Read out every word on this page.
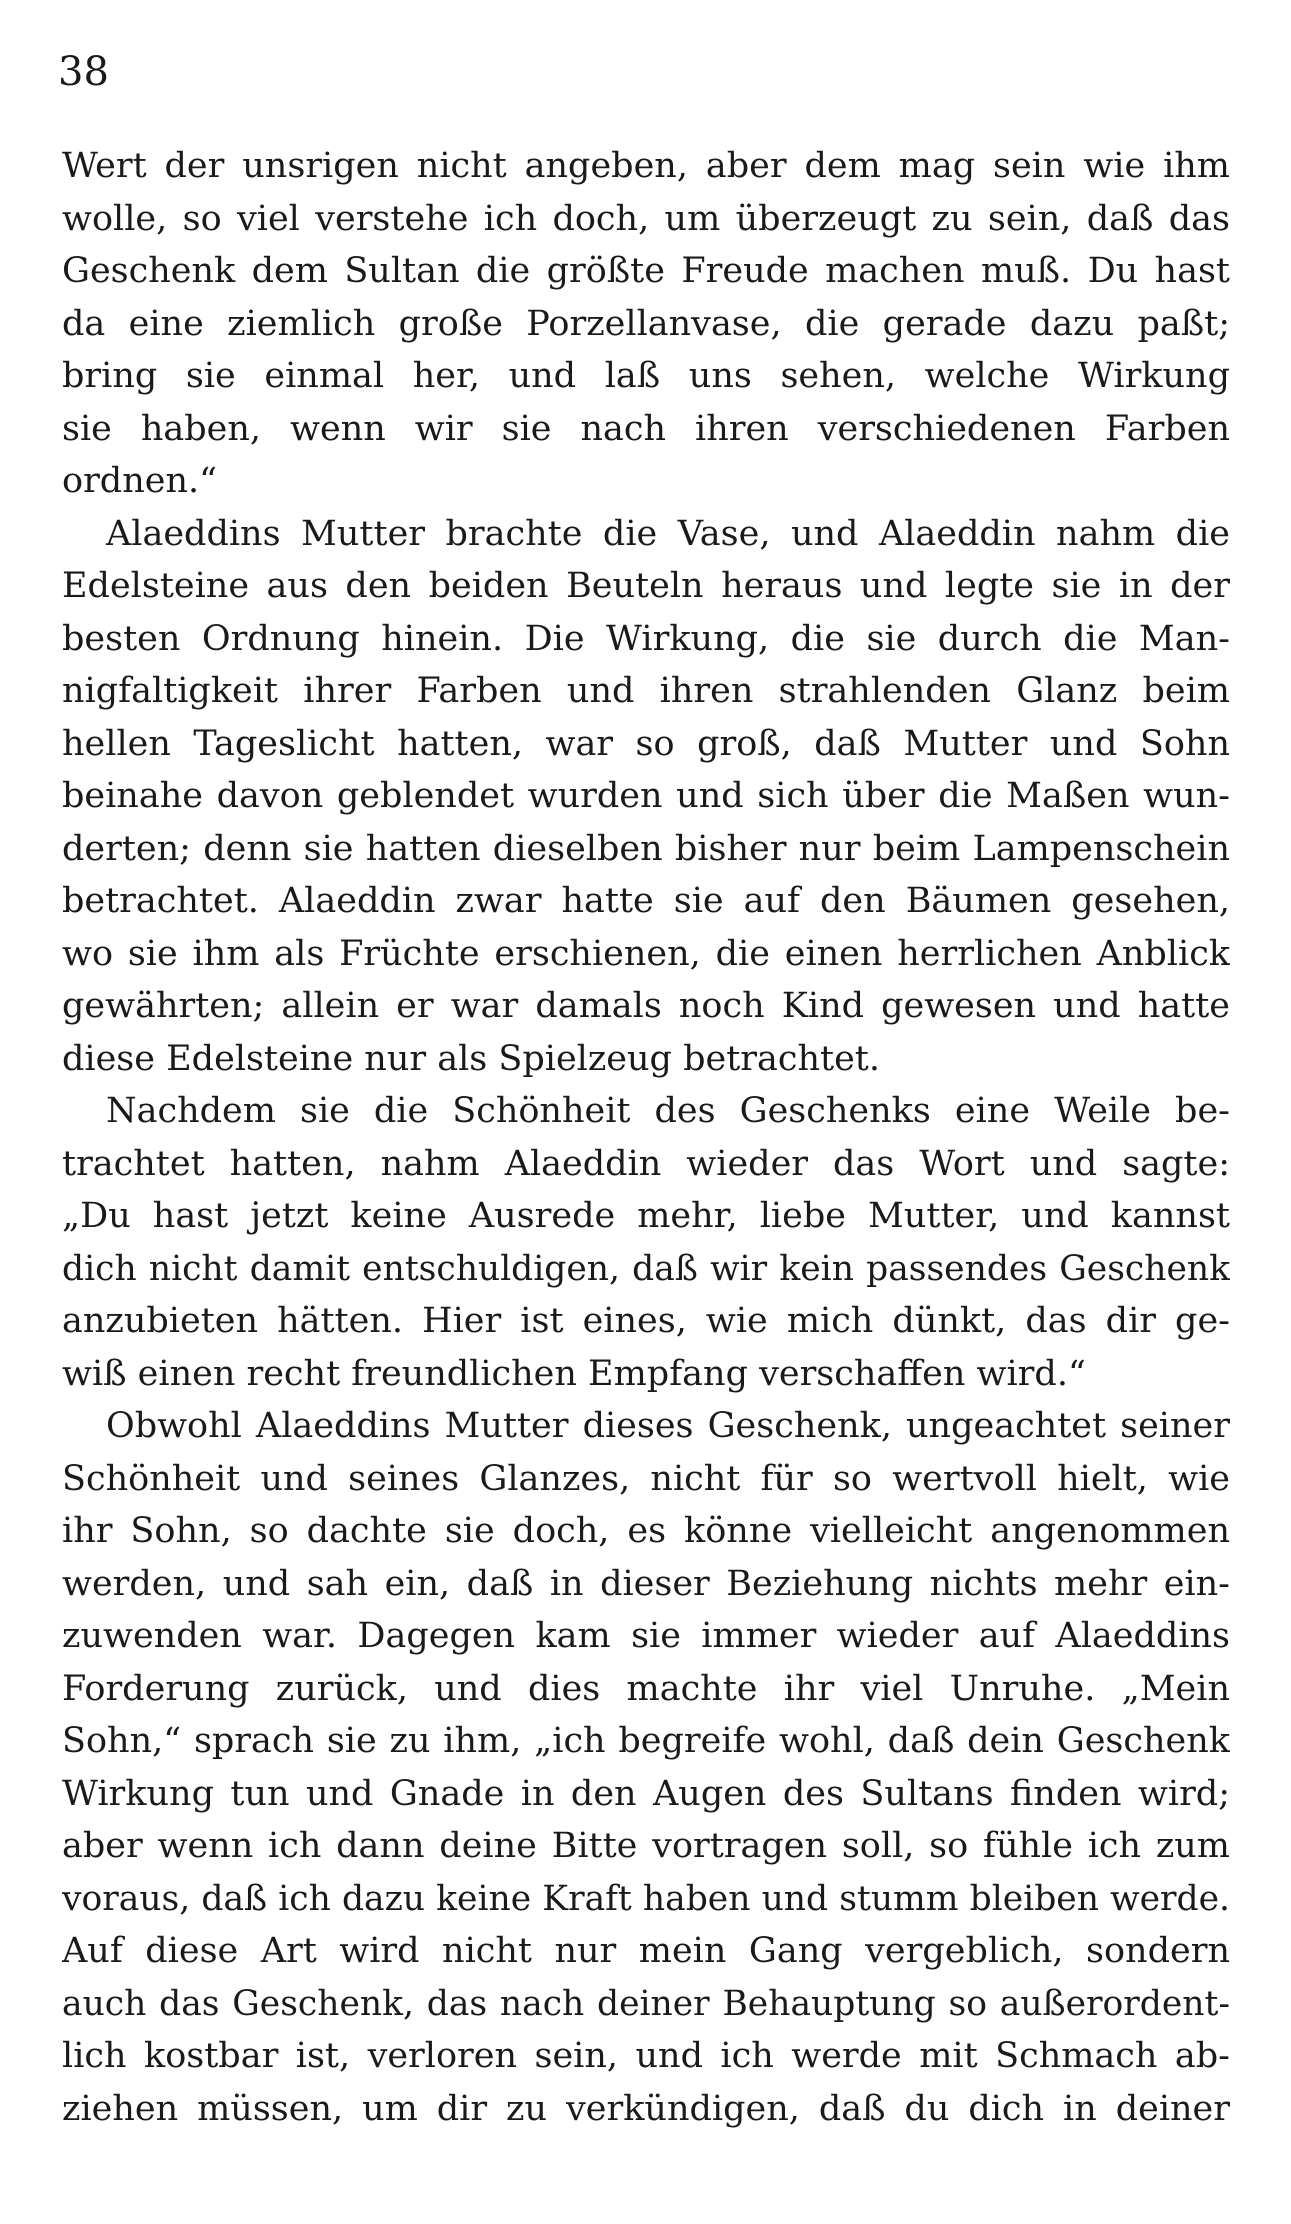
38
Wert der unsrigen nicht angeben, aber dem mag sein wie ihm
wolle, so viel verstehe ich doch, um überzeugt zu sein, daß das
Geschenk dem Sultan die größte Freude machen muß. Du hast
da eine ziemlich große Porzellanvase, die gerade dazu paßt;
bring sie einmal her, und laß uns sehen, welche Wirkung
sie haben, wenn wir sie nach ihren verschiedenen Farben
ordnen.“
Alaeddins Mutter brachte die Vase, und Alaeddin nahm die
Edelsteine aus den beiden Beuteln heraus und legte sie in der
besten Ordnung hinein. Die Wirkung, die sie durch die Man-
nigfaltigkeit ihrer Farben und ihren strahlenden Glanz beim
hellen Tageslicht hatten, war so groß, daß Mutter und Sohn
beinahe davon geblendet wurden und sich über die Maßen wun-
derten; denn sie hatten dieselben bisher nur beim Lampenschein
betrachtet. Alaeddin zwar hatte sie auf den Bäumen gesehen,
wo sie ihm als Früchte erschienen, die einen herrlichen Anblick
gewährten; allein er war damals noch Kind gewesen und hatte
diese Edelsteine nur als Spielzeug betrachtet.
Nachdem sie die Schönheit des Geschenks eine Weile be-
trachtet hatten, nahm Alaeddin wieder das Wort und sagte:
„Du hast jetzt keine Ausrede mehr, liebe Mutter, und kannst
dich nicht damit entschuldigen, daß wir kein passendes Geschenk
anzubieten hätten. Hier ist eines, wie mich dünkt, das dir ge-
wiß einen recht freundlichen Empfang verschaffen wird.“
Obwohl Alaeddins Mutter dieses Geschenk, ungeachtet seiner
Schönheit und seines Glanzes, nicht für so wertvoll hielt, wie
ihr Sohn, so dachte sie doch, es könne vielleicht angenommen
werden, und sah ein, daß in dieser Beziehung nichts mehr ein-
zuwenden war. Dagegen kam sie immer wieder auf Alaeddins
Forderung zurück, und dies machte ihr viel Unruhe. „Mein
Sohn,“ sprach sie zu ihm, „ich begreife wohl, daß dein Geschenk
Wirkung tun und Gnade in den Augen des Sultans finden wird;
aber wenn ich dann deine Bitte vortragen soll, so fühle ich zum
voraus, daß ich dazu keine Kraft haben und stumm bleiben werde.
Auf diese Art wird nicht nur mein Gang vergeblich, sondern
auch das Geschenk, das nach deiner Behauptung so außerordent-
lich kostbar ist, verloren sein, und ich werde mit Schmach ab-
ziehen müssen, um dir zu verkündigen, daß du dich in deiner
